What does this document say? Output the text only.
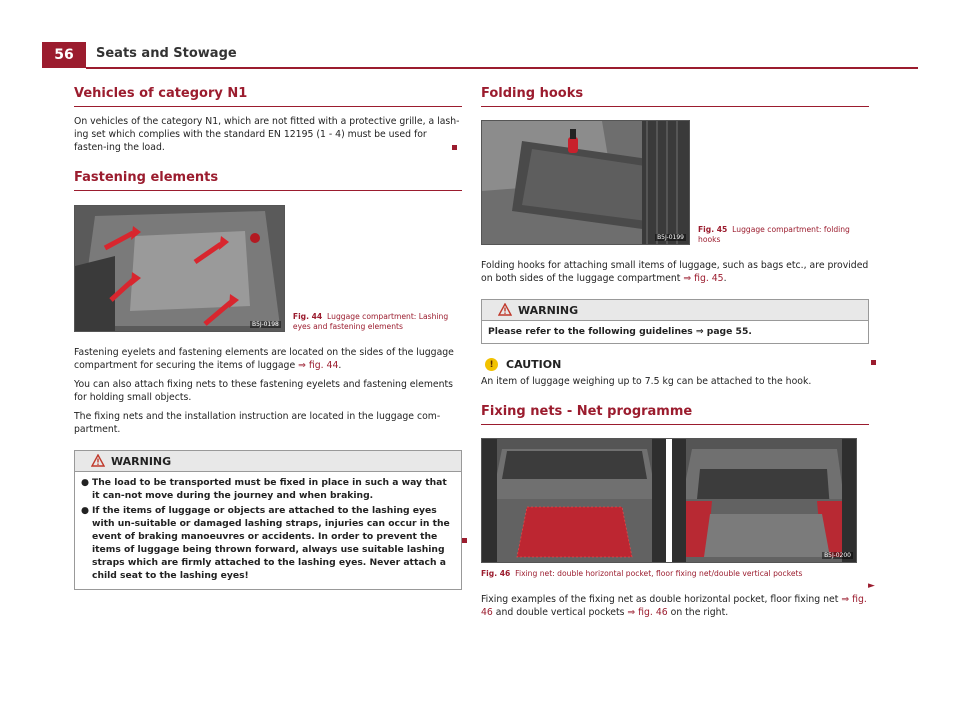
56	Seats and Stowage
Vehicles of category N1

On vehicles of the category N1, which are not fitted with a protective grille, a lash-ing set which complies with the standard EN 12195 (1 - 4) must be used for fasten-ing the load.

Fastening elements
B5J-0198
Fig. 44 Luggage compartment: Lashing eyes and fastening elements

Fastening eyelets and fastening elements are located on the sides of the luggage compartment for securing the items of luggage ⇒ fig. 44.

You can also attach fixing nets to these fastening eyelets and fastening elements for holding small objects.

The fixing nets and the installation instruction are located in the luggage com-partment.

WARNING
● The load to be transported must be fixed in place in such a way that it can-not move during the journey and when braking.
● If the items of luggage or objects are attached to the lashing eyes with un-suitable or damaged lashing straps, injuries can occur in the event of braking manoeuvres or accidents. In order to prevent the items of luggage being thrown forward, always use suitable lashing straps which are firmly attached to the lashing eyes. Never attach a child seat to the lashing eyes!
Folding hooks
B5J-0199
Fig. 45 Luggage compartment: folding hooks

Folding hooks for attaching small items of luggage, such as bags etc., are provided on both sides of the luggage compartment ⇒ fig. 45.

WARNING
Please refer to the following guidelines ⇒ page 55.
!	CAUTION

An item of luggage weighing up to 7.5 kg can be attached to the hook.

Fixing nets - Net programme
B5J-0200
Fig. 46 Fixing net: double horizontal pocket, floor fixing net/double vertical pockets

Fixing examples of the fixing net as double horizontal pocket, floor fixing net ⇒ fig. 46 and double vertical pockets ⇒ fig. 46 on the right.

►
